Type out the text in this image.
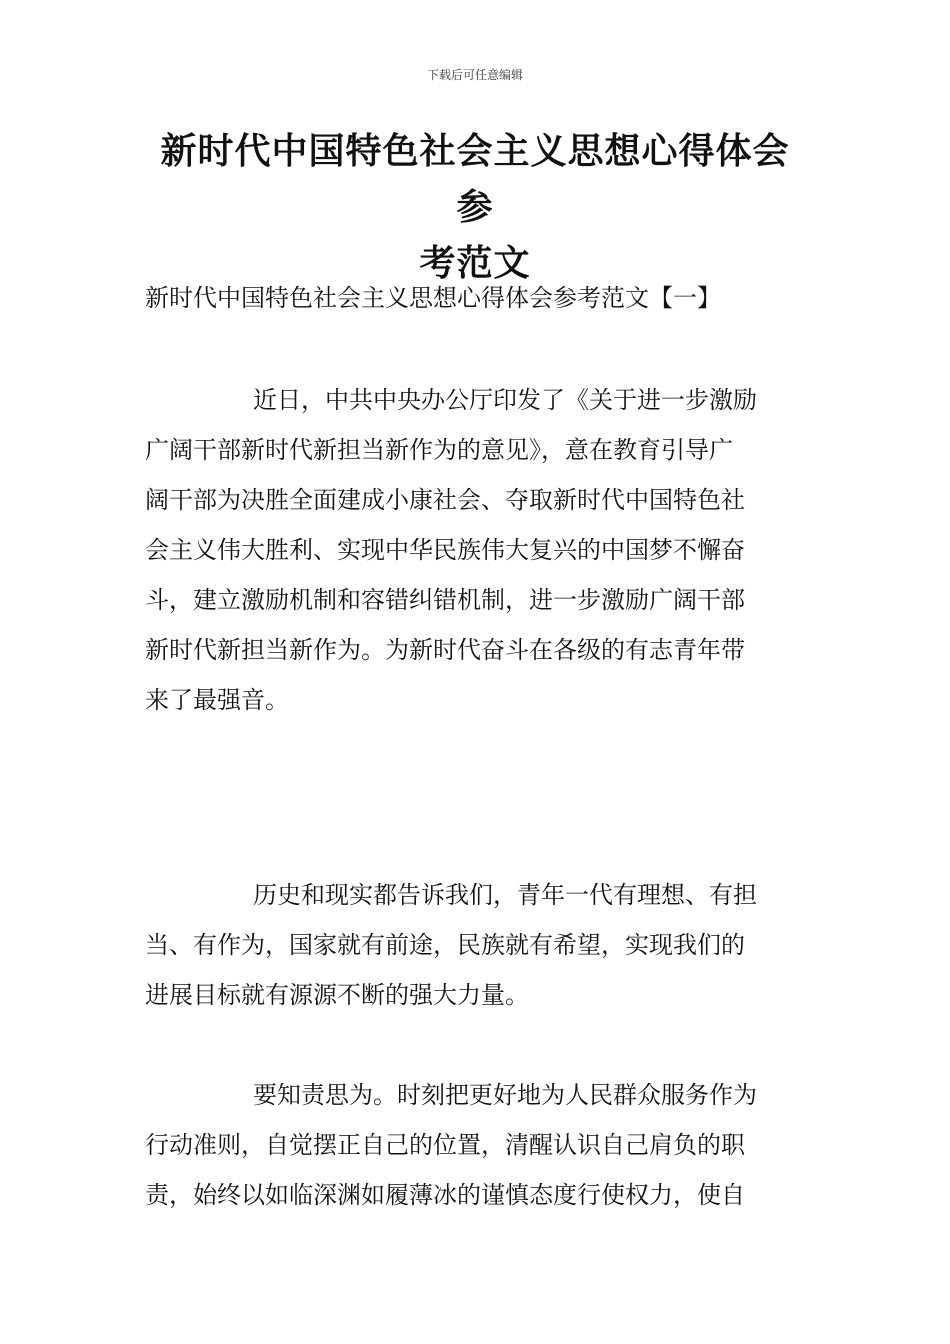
下载后可任意编辑
新时代中国特色社会主义思想心得体会参
考范文
新时代中国特色社会主义思想心得体会参考范文【一】
近日，中共中央办公厅印发了《关于进一步激励
广阔干部新时代新担当新作为的意见》，意在教育引导广
阔干部为决胜全面建成小康社会、夺取新时代中国特色社
会主义伟大胜利、实现中华民族伟大复兴的中国梦不懈奋
斗，建立激励机制和容错纠错机制，进一步激励广阔干部
新时代新担当新作为。为新时代奋斗在各级的有志青年带
来了最强音。
历史和现实都告诉我们，青年一代有理想、有担
当、有作为，国家就有前途，民族就有希望，实现我们的
进展目标就有源源不断的强大力量。
要知责思为。时刻把更好地为人民群众服务作为
行动准则，自觉摆正自己的位置，清醒认识自己肩负的职
责，始终以如临深渊如履薄冰的谨慎态度行使权力，使自
